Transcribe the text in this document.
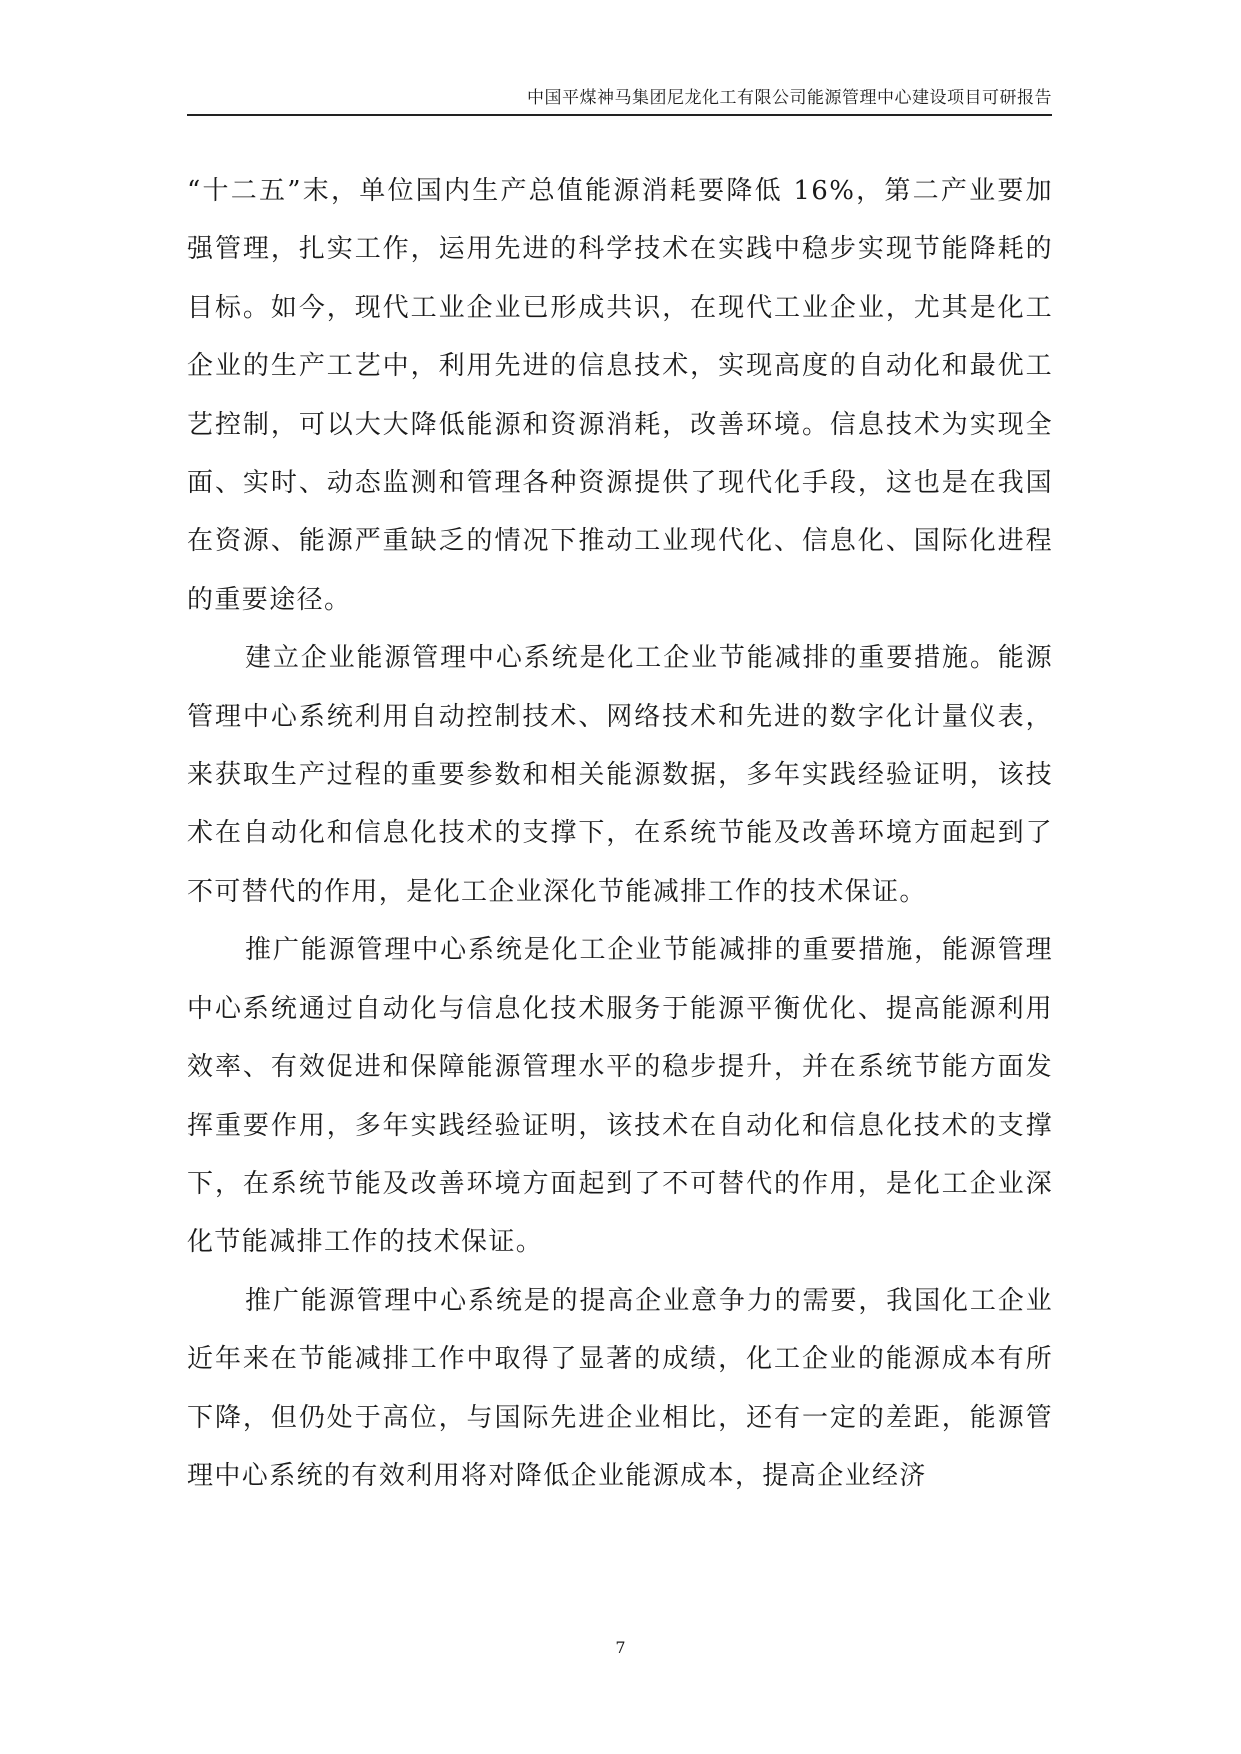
中国平煤神马集团尼龙化工有限公司能源管理中心建设项目可研报告

“十二五”末，单位国内生产总值能源消耗要降低 16%，第二产业要加强管理，扎实工作，运用先进的科学技术在实践中稳步实现节能降耗的目标。如今，现代工业企业已形成共识，在现代工业企业，尤其是化工企业的生产工艺中，利用先进的信息技术，实现高度的自动化和最优工艺控制，可以大大降低能源和资源消耗，改善环境。信息技术为实现全面、实时、动态监测和管理各种资源提供了现代化手段，这也是在我国在资源、能源严重缺乏的情况下推动工业现代化、信息化、国际化进程的重要途径。

建立企业能源管理中心系统是化工企业节能减排的重要措施。能源管理中心系统利用自动控制技术、网络技术和先进的数字化计量仪表，来获取生产过程的重要参数和相关能源数据，多年实践经验证明，该技术在自动化和信息化技术的支撑下，在系统节能及改善环境方面起到了不可替代的作用，是化工企业深化节能减排工作的技术保证。

推广能源管理中心系统是化工企业节能减排的重要措施，能源管理中心系统通过自动化与信息化技术服务于能源平衡优化、提高能源利用效率、有效促进和保障能源管理水平的稳步提升，并在系统节能方面发挥重要作用，多年实践经验证明，该技术在自动化和信息化技术的支撑下，在系统节能及改善环境方面起到了不可替代的作用，是化工企业深化节能减排工作的技术保证。

推广能源管理中心系统是的提高企业意争力的需要，我国化工企业近年来在节能减排工作中取得了显著的成绩，化工企业的能源成本有所下降，但仍处于高位，与国际先进企业相比，还有一定的差距，能源管理中心系统的有效利用将对降低企业能源成本，提高企业经济

7
